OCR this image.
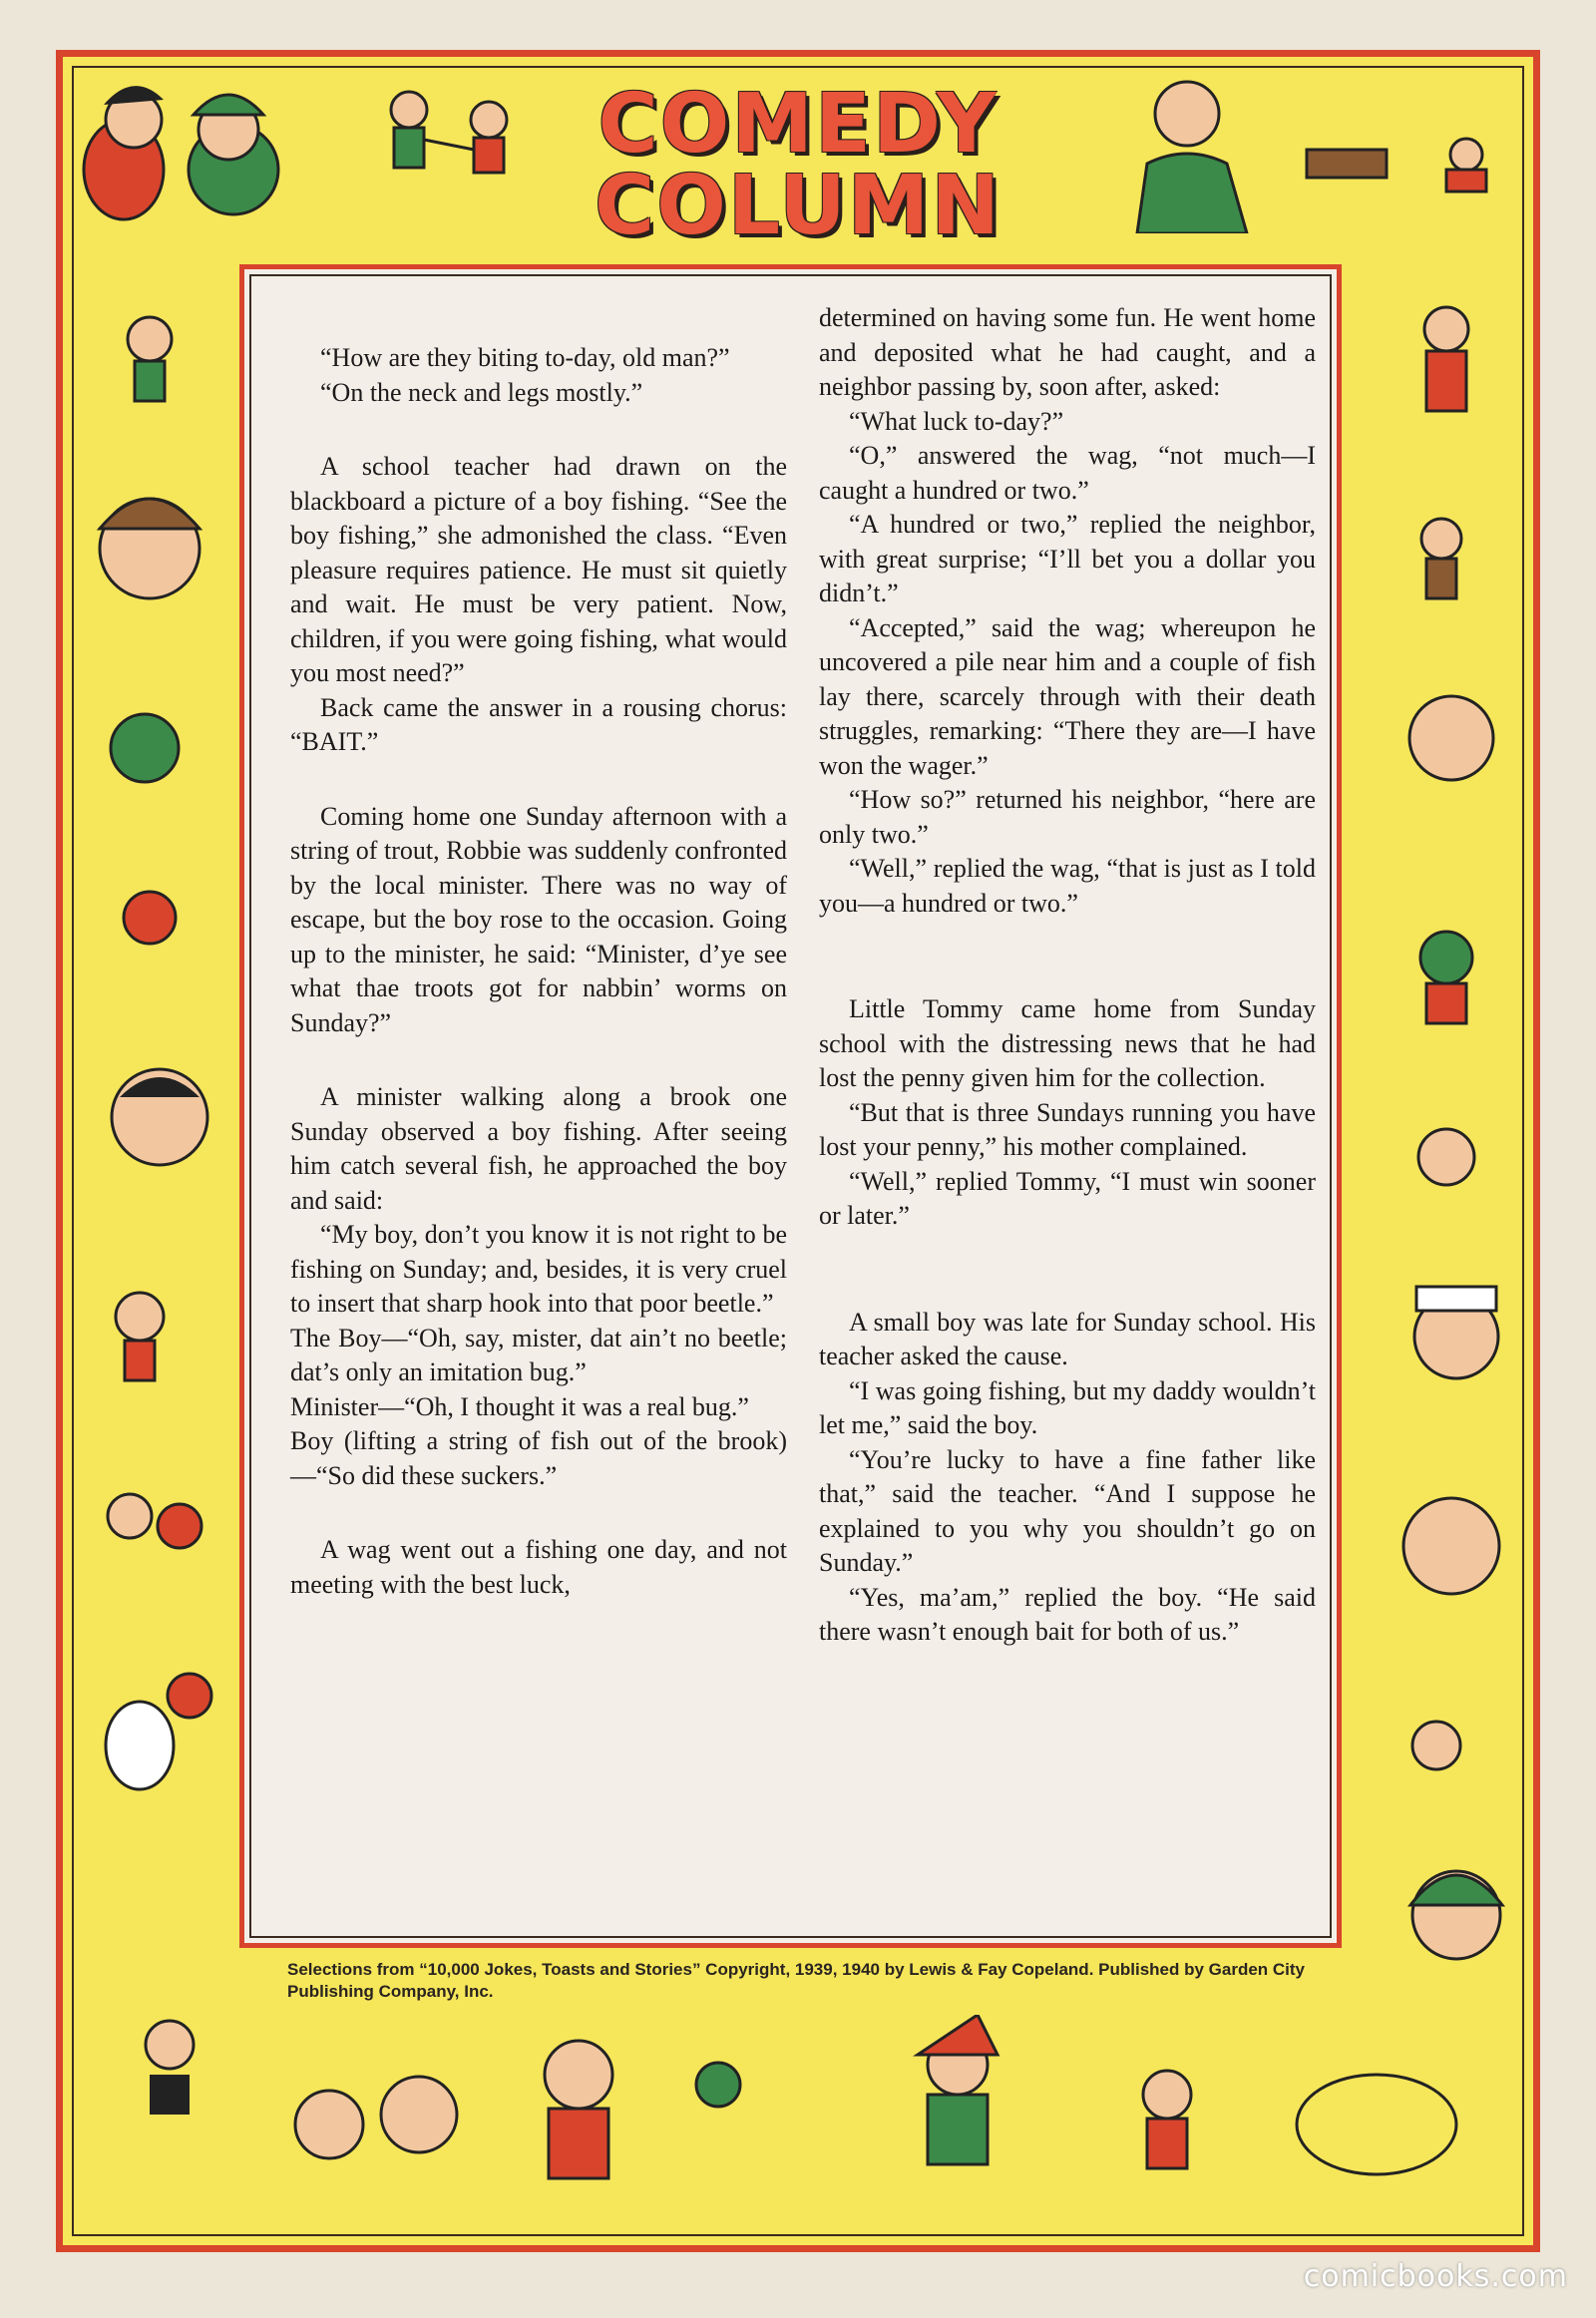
COMEDY
COLUMN

“How are they biting to-day, old man?”

“On the neck and legs mostly.”

A school teacher had drawn on the blackboard a picture of a boy fishing. “See the boy fishing,” she admonished the class. “Even pleasure requires patience. He must sit quietly and wait. He must be very patient. Now, children, if you were going fishing, what would you most need?”

Back came the answer in a rousing chorus: “BAIT.”

Coming home one Sunday afternoon with a string of trout, Robbie was suddenly confronted by the local minister. There was no way of escape, but the boy rose to the occasion. Going up to the minister, he said: “Minister, d’ye see what thae troots got for nabbin’ worms on Sunday?”

A minister walking along a brook one Sunday observed a boy fishing. After seeing him catch several fish, he approached the boy and said:

“My boy, don’t you know it is not right to be fishing on Sunday; and, besides, it is very cruel to insert that sharp hook into that poor beetle.”

The Boy—“Oh, say, mister, dat ain’t no beetle; dat’s only an imitation bug.”

Minister—“Oh, I thought it was a real bug.”

Boy (lifting a string of fish out of the brook)—“So did these suckers.”

A wag went out a fishing one day, and not meeting with the best luck,

determined on having some fun. He went home and deposited what he had caught, and a neighbor passing by, soon after, asked:

“What luck to-day?”

“O,” answered the wag, “not much—I caught a hundred or two.”

“A hundred or two,” replied the neighbor, with great surprise; “I’ll bet you a dollar you didn’t.”

“Accepted,” said the wag; whereupon he uncovered a pile near him and a couple of fish lay there, scarcely through with their death struggles, remarking: “There they are—I have won the wager.”

“How so?” returned his neighbor, “here are only two.”

“Well,” replied the wag, “that is just as I told you—a hundred or two.”

Little Tommy came home from Sunday school with the distressing news that he had lost the penny given him for the collection.

“But that is three Sundays running you have lost your penny,” his mother complained.

“Well,” replied Tommy, “I must win sooner or later.”

A small boy was late for Sunday school. His teacher asked the cause.

“I was going fishing, but my daddy wouldn’t let me,” said the boy.

“You’re lucky to have a fine father like that,” said the teacher. “And I suppose he explained to you why you shouldn’t go on Sunday.”

“Yes, ma’am,” replied the boy. “He said there wasn’t enough bait for both of us.”

Selections from “10,000 Jokes, Toasts and Stories” Copyright, 1939, 1940 by Lewis & Fay Copeland. Published by Garden City Publishing Company, Inc.
comicbooks.com
